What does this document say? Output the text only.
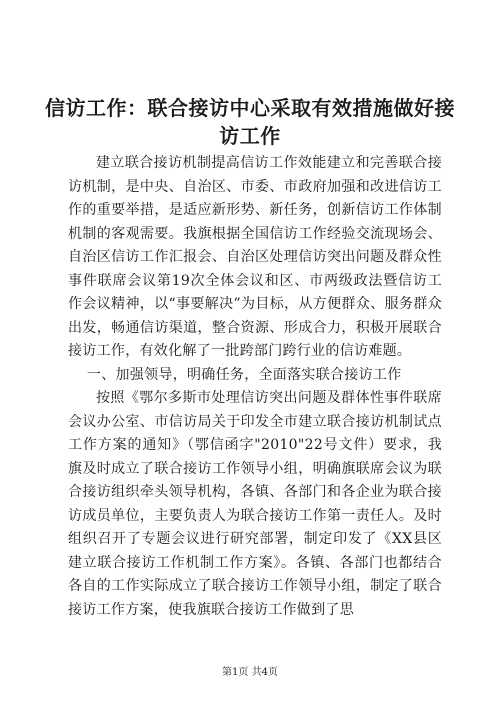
信访工作：联合接访中心采取有效措施做好接访工作

建立联合接访机制提高信访工作效能建立和完善联合接访机制，是中央、自治区、市委、市政府加强和改进信访工作的重要举措，是适应新形势、新任务，创新信访工作体制机制的客观需要。我旗根据全国信访工作经验交流现场会、自治区信访工作汇报会、自治区处理信访突出问题及群众性事件联席会议第19次全体会议和区、市两级政法暨信访工作会议精神，以“事要解决”为目标，从方便群众、服务群众出发，畅通信访渠道，整合资源、形成合力，积极开展联合接访工作，有效化解了一批跨部门跨行业的信访难题。

一、加强领导，明确任务，全面落实联合接访工作

按照《鄂尔多斯市处理信访突出问题及群体性事件联席会议办公室、市信访局关于印发全市建立联合接访机制试点工作方案的通知》（鄂信函字"2010"22号文件）要求，我旗及时成立了联合接访工作领导小组，明确旗联席会议为联合接访组织牵头领导机构，各镇、各部门和各企业为联合接访成员单位，主要负责人为联合接访工作第一责任人。及时组织召开了专题会议进行研究部署，制定印发了《XX县区建立联合接访工作机制工作方案》。各镇、各部门也都结合各自的工作实际成立了联合接访工作领导小组，制定了联合接访工作方案，使我旗联合接访工作做到了思

第1页 共4页
